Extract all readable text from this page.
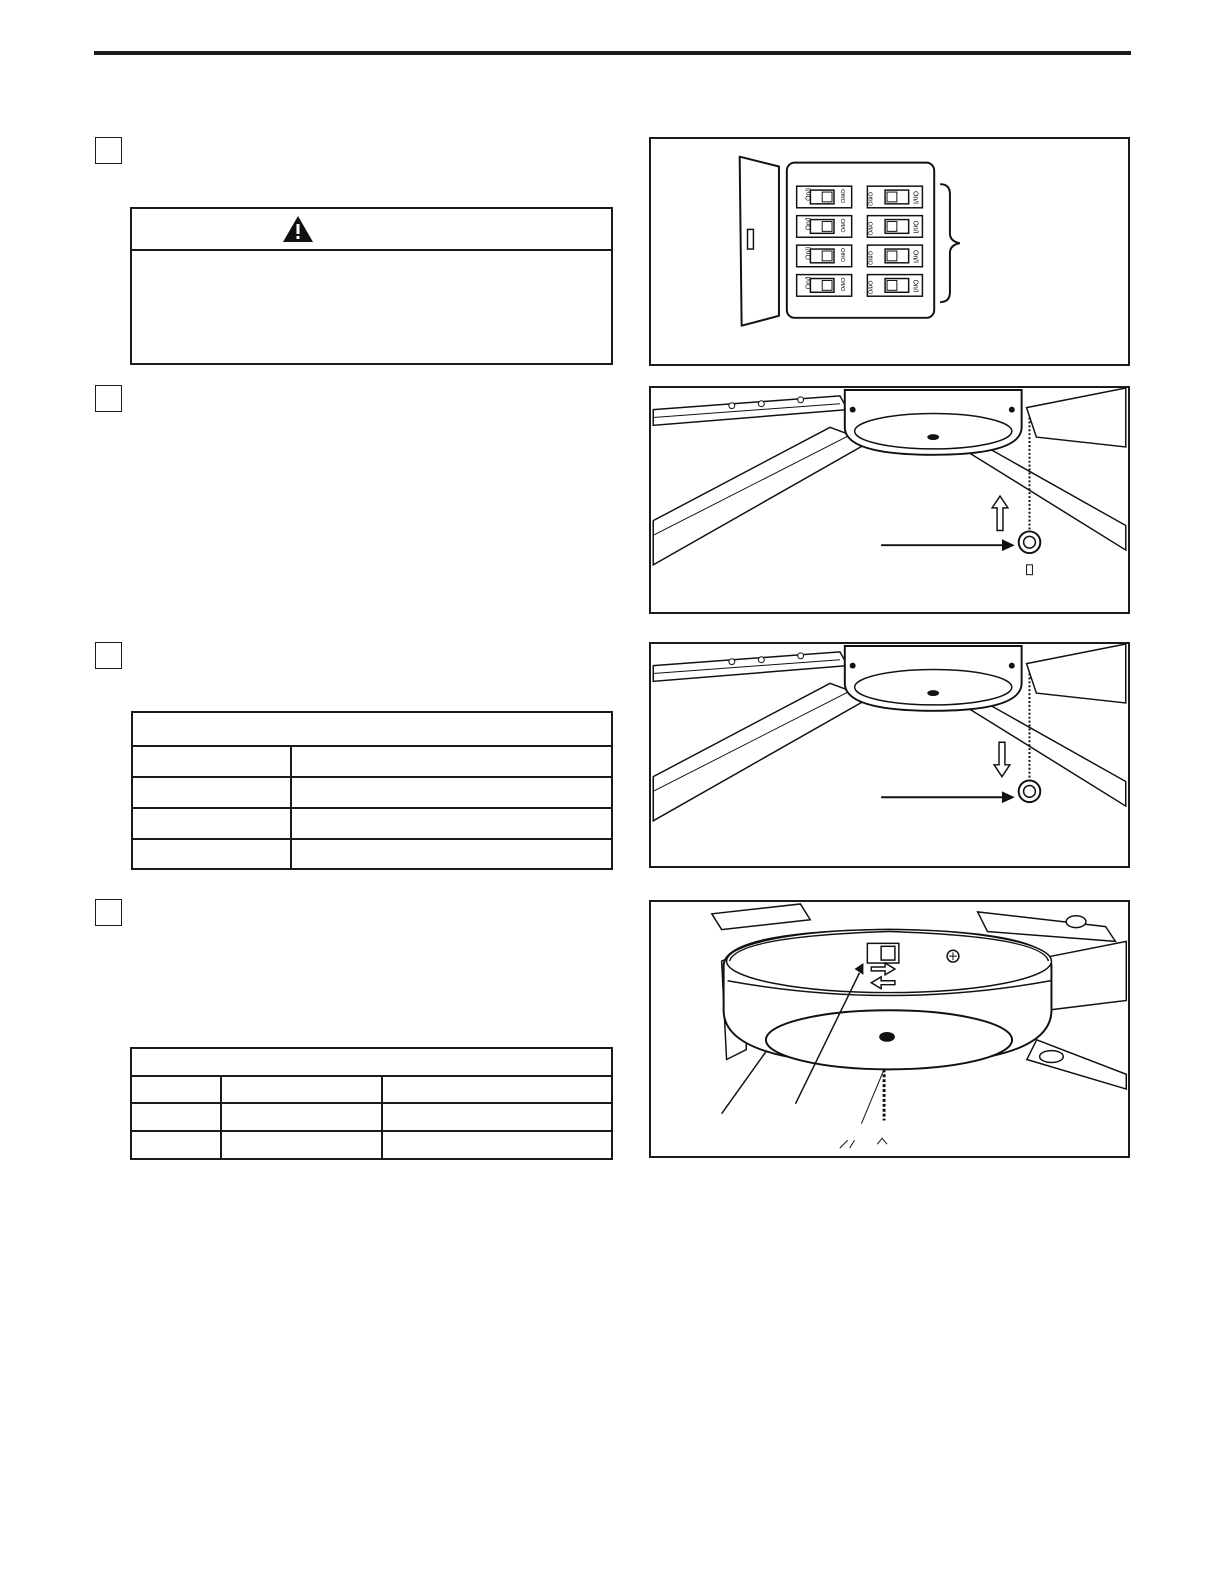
On/I	Off/O
On/I	Off/O
On/I	Off/O
On/I	Off/O
Off/O	On/I
Off/O	On/I
Off/O	On/I
Off/O	On/I
